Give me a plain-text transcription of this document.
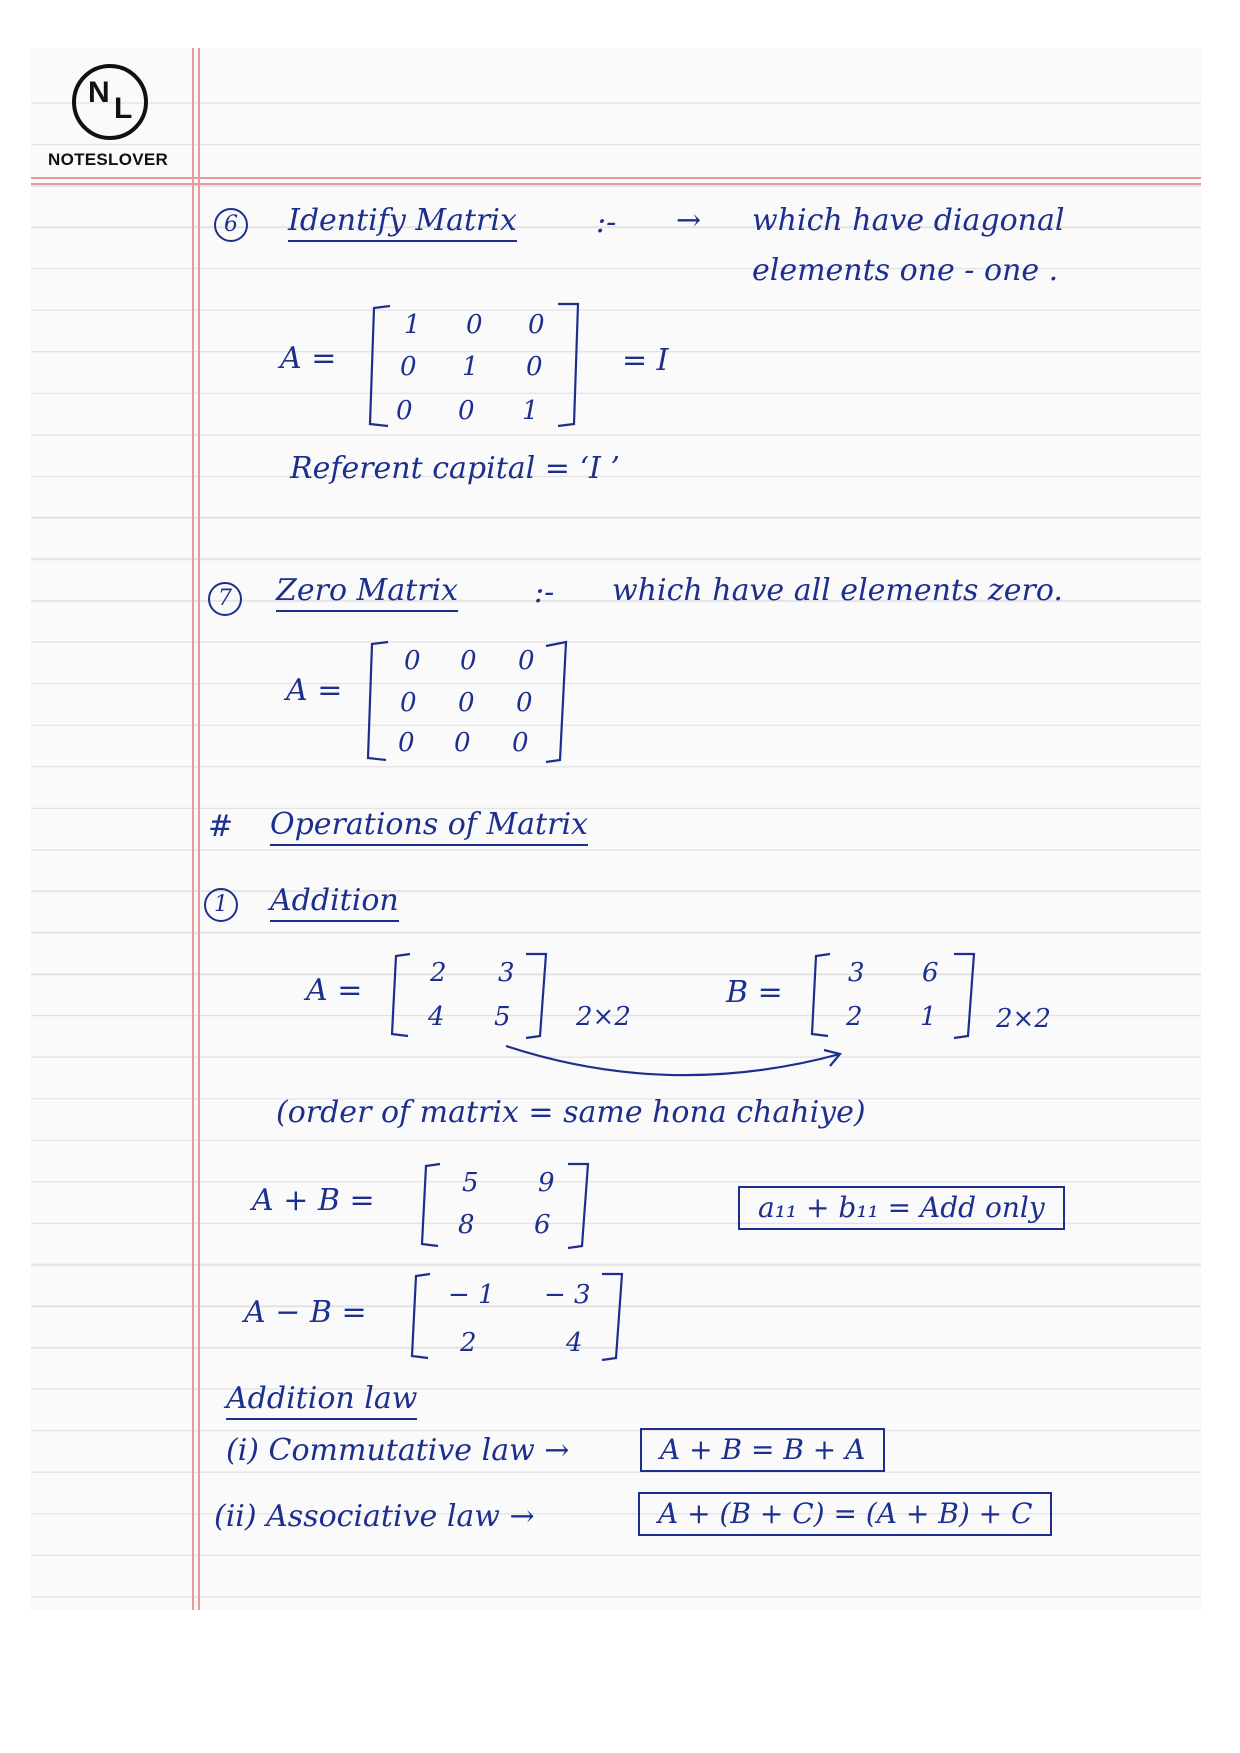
N L
NOTESLOVER
6	Identify Matrix	:- → which have diagonal
elements one - one .
A =
1 0 0
0 1 0
0 0 1
= I
Referent capital = ‘I ’
7	Zero Matrix	:- which have all elements zero.
A =
0 0 0
0 0 0
0 0 0
# Operations of Matrix
1	Addition
A =	2 3
4 5	2×2
B =
3 6
2 1 2×2
(order of matrix = same hona chahiye)
A + B =	5 9
8 6
a₁₁ + b₁₁ = Add only
A − B =	− 1 − 3
2	4
Addition law
(i) Commutative law →	A + B = B + A
(ii) Associative law →	A + (B + C) = (A + B) + C
